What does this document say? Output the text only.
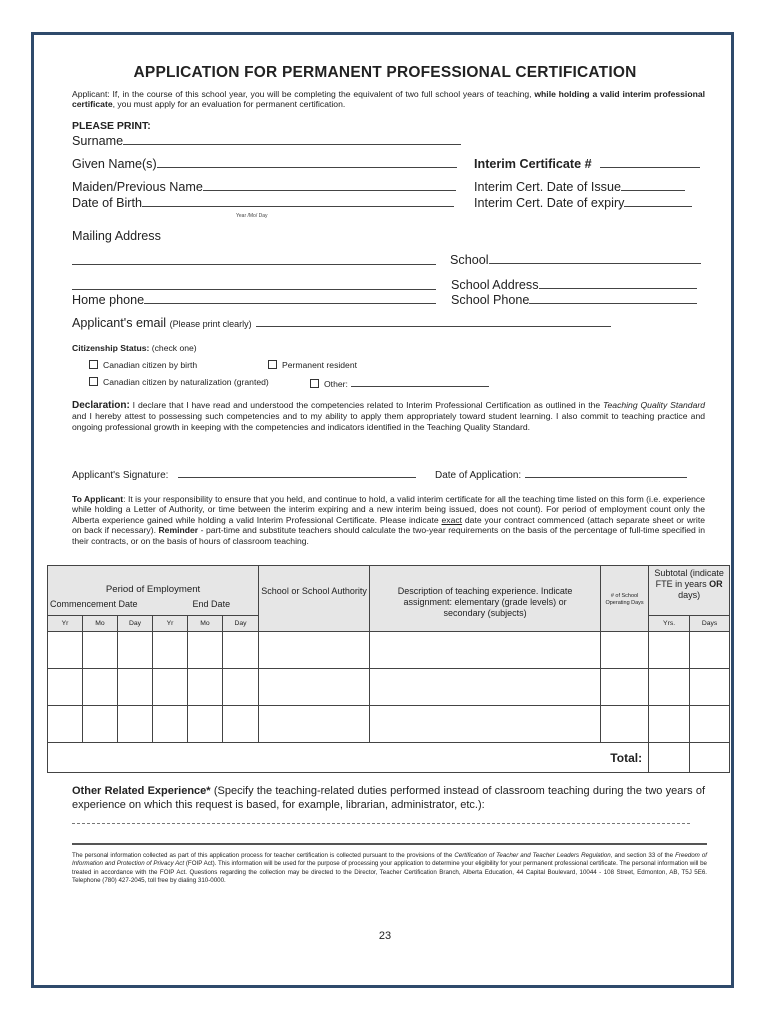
APPLICATION FOR PERMANENT PROFESSIONAL CERTIFICATION
Applicant: If, in the course of this school year, you will be completing the equivalent of two full school years of teaching, while holding a valid interim professional certificate, you must apply for an evaluation for permanent certification.
PLEASE PRINT:
Surname
Given Name(s)	Interim Certificate #
Maiden/Previous Name	Interim Cert. Date of Issue
Date of Birth	Interim Cert. Date of expiry
Year /Mo/ Day
Mailing Address
School
School Address
Home phone	School Phone
Applicant's email (Please print clearly)
Citizenship Status: (check one)
Canadian citizen by birth	Permanent resident
Canadian citizen by naturalization (granted)	Other:
Declaration: I declare that I have read and understood the competencies related to Interim Professional Certification as outlined in the Teaching Quality Standard and I hereby attest to possessing such competencies and to my ability to apply them appropriately toward student learning. I also commit to teaching practice and ongoing professional growth in keeping with the competencies and indicators identified in the Teaching Quality Standard.
Applicant's Signature:	Date of Application:
To Applicant: It is your responsibility to ensure that you held, and continue to hold, a valid interim certificate for all the teaching time listed on this form (i.e. experience while holding a Letter of Authority, or time between the interim expiring and a new interim being issued, does not count). For period of employment count only the Alberta experience gained while holding a valid Interim Professional Certificate. Please indicate exact date your contract commenced (attach separate sheet or write on back if necessary). Reminder - part-time and substitute teachers should calculate the two-year requirements on the basis of the percentage of full-time specified in their contracts, or on the basis of hours of classroom teaching.
Period of Employment
Commencement Date End Date						School or School Authority	Description of teaching experience. Indicate assignment: elementary (grade levels) or secondary (subjects)	# of School Operating Days	Subtotal (indicate FTE in years OR days)	
Yr	Mo	Day	Yr	Mo	Day				Yrs.	Days

Total:										
Other Related Experience* (Specify the teaching-related duties performed instead of classroom teaching during the two years of experience on which this request is based, for example, librarian, administrator, etc.):
The personal information collected as part of this application process for teacher certification is collected pursuant to the provisions of the Certification of Teacher and Teacher Leaders Regulation, and section 33 of the Freedom of Information and Protection of Privacy Act (FOIP Act). This information will be used for the purpose of processing your application to determine your eligibility for your permanent professional certificate. The personal information will be treated in accordance with the FOIP Act. Questions regarding the collection may be directed to the Director, Teacher Certification Branch, Alberta Education, 44 Capital Boulevard, 10044 - 108 Street, Edmonton, AB, T5J 5E6. Telephone (780) 427-2045, toll free by dialing 310-0000.
23
